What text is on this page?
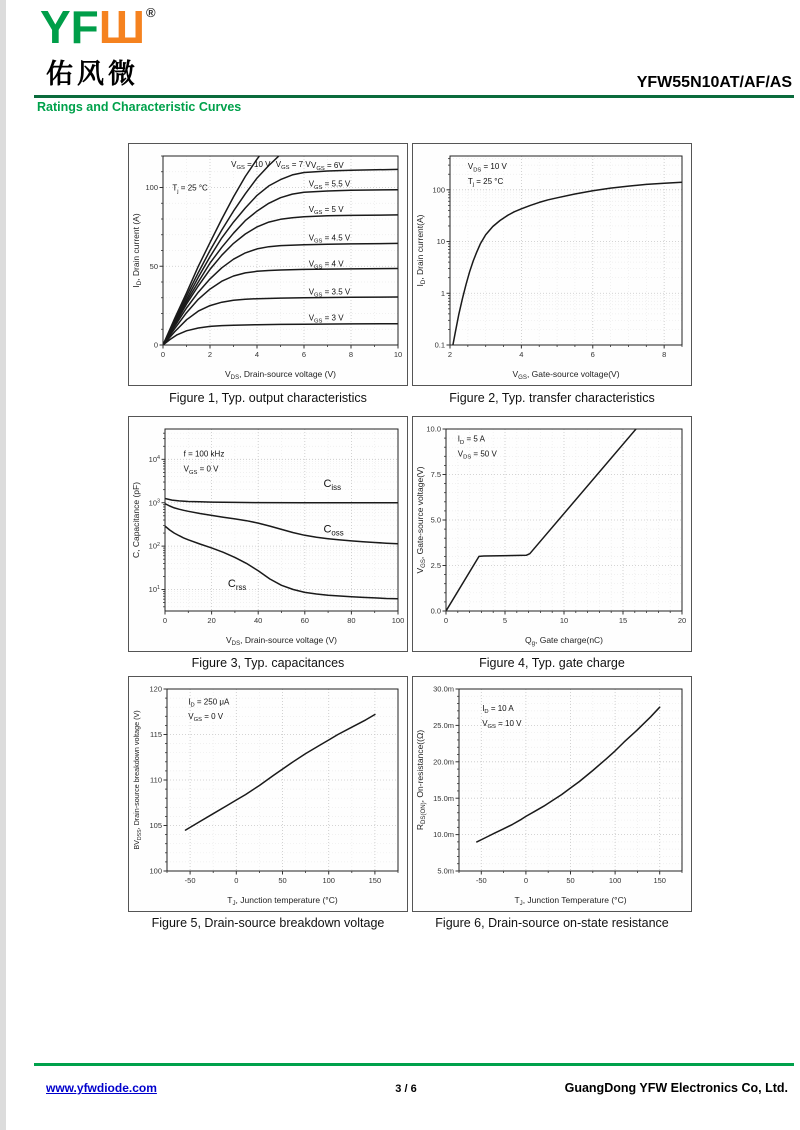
YFШ®
佑风微	YFW55N10AT/AF/AS
Ratings and Characteristic Curves
0	2	4	6	8	10
0
50
100
$V_{DS}$, Drain-source voltage (V)
$I_D$, Drain current (A)
$T_j = 25$ °C
$V_{GS} = 10$ V $V_{GS} = 7$ V $V_{GS} = 6V$
$V_{GS} = 5.5$ V
$V_{GS} = 5$ V
$V_{GS} = 4.5$ V
$V_{GS} = 4$ V
$V_{GS} = 3.5$ V
$V_{GS} = 3$ V
2	4	6	8
0.1
1
10
100
$V_{GS}$, Gate-source voltage(V)
$I_D$, Drain current(A)
$V_{DS} = 10$ V
$T_j = 25$ °C
Figure 1, Typ. output characteristics	Figure 2, Typ. transfer characteristics
0	20	40	60	80	100
$10^1$
$10^2$
$10^3$
$10^4$
$V_{DS}$, Drain-source voltage (V)
C, Capacitance (pF)
f = 100 kHz
$V_{GS} = 0$ V
$C_{iss}$
$C_{oss}$
$C_{rss}$
0	5	10	15	20
0.0
2.5
5.0
7.5
10.0
$Q_g$, Gate charge(nC)
$V_{GS}$, Gate-source voltage(V)
$I_D = 5$ A
$V_{DS} = 50$ V
Figure 3, Typ. capacitances	Figure 4, Typ. gate charge
-50	0	50	100	150
100
105
110
115
120
$T_J$, Junction temperature (°C)
$BV_{DSS}$, Drain-source breakdown voltage (V)
$I_D = 250$ μA
$V_{GS} = 0$ V
-50	0	50	100	150
5.0m
10.0m
15.0m
20.0m
25.0m
30.0m
$T_J$, Junction Temperature (°C)
$R_{DS(ON)}$, On-resistance((Ω)
$I_D = 10$ A
$V_{GS} = 10$ V
Figure 5, Drain-source breakdown voltage	Figure 6, Drain-source on-state resistance
www.yfwdiode.com	3 / 6	GuangDong YFW Electronics Co, Ltd.
